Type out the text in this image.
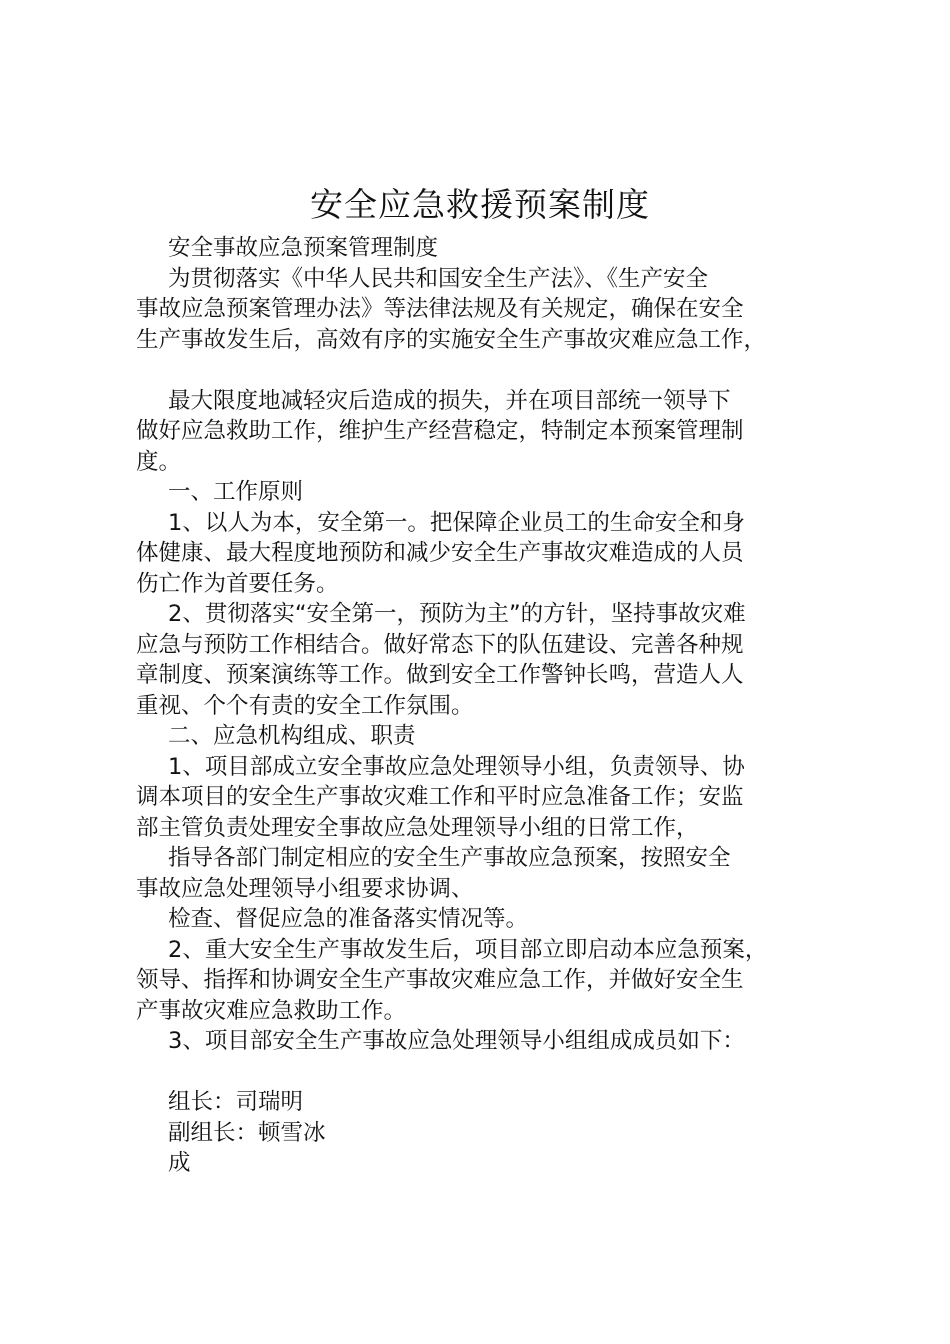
安全应急救援预案制度
安全事故应急预案管理制度
为贯彻落实《中华人民共和国安全生产法》、《生产安全
事故应急预案管理办法》等法律法规及有关规定，确保在安全
生产事故发生后，高效有序的实施安全生产事故灾难应急工作，
最大限度地减轻灾后造成的损失，并在项目部统一领导下
做好应急救助工作，维护生产经营稳定，特制定本预案管理制
度。
一、工作原则
1、以人为本，安全第一。把保障企业员工的生命安全和身
体健康、最大程度地预防和减少安全生产事故灾难造成的人员
伤亡作为首要任务。
2、贯彻落实“安全第一，预防为主”的方针，坚持事故灾难
应急与预防工作相结合。做好常态下的队伍建设、完善各种规
章制度、预案演练等工作。做到安全工作警钟长鸣，营造人人
重视、个个有责的安全工作氛围。
二、应急机构组成、职责
1、项目部成立安全事故应急处理领导小组，负责领导、协
调本项目的安全生产事故灾难工作和平时应急准备工作；安监
部主管负责处理安全事故应急处理领导小组的日常工作，
指导各部门制定相应的安全生产事故应急预案，按照安全
事故应急处理领导小组要求协调、
检查、督促应急的准备落实情况等。
2、重大安全生产事故发生后，项目部立即启动本应急预案，
领导、指挥和协调安全生产事故灾难应急工作，并做好安全生
产事故灾难应急救助工作。
3、项目部安全生产事故应急处理领导小组组成成员如下：
组长：司瑞明
副组长：顿雪冰
成
